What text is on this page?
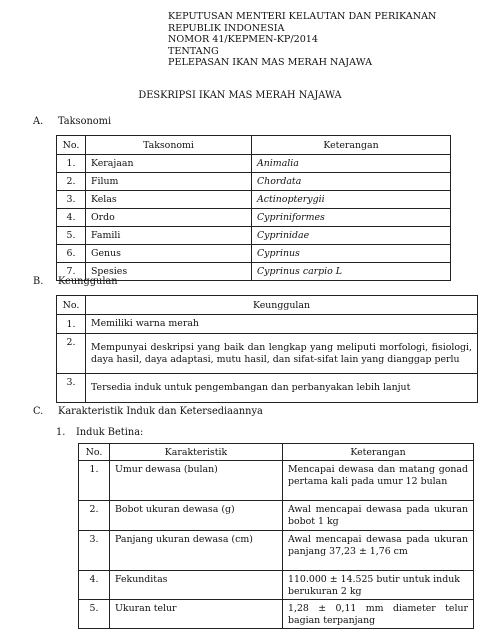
KEPUTUSAN MENTERI KELAUTAN DAN PERIKANAN
REPUBLIK INDONESIA
NOMOR 41/KEPMEN-KP/2014
TENTANG
PELEPASAN IKAN MAS MERAH NAJAWA
DESKRIPSI IKAN MAS MERAH NAJAWA
A. Taksonomi
No.	Taksonomi	Keterangan
1.	Kerajaan	Animalia
2.	Filum	Chordata
3.	Kelas	Actinopterygii
4.	Ordo	Cypriniformes
5.	Famili	Cyprinidae
6.	Genus	Cyprinus
7.	Spesies	Cyprinus carpio L
B. Keunggulan
No.	Keunggulan
1.	Memiliki warna merah
2.	Mempunyai deskripsi yang baik dan lengkap yang meliputi morfologi, fisiologi, daya hasil, daya adaptasi, mutu hasil, dan sifat-sifat lain yang dianggap perlu
3.	Tersedia induk untuk pengembangan dan perbanyakan lebih lanjut
C. Karakteristik Induk dan Ketersediaannya
1. Induk Betina:
No.	Karakteristik	Keterangan
1.	Umur dewasa (bulan)	Mencapai dewasa dan matang gonad pertama kali pada umur 12 bulan
2.	Bobot ukuran dewasa (g)	Awal mencapai dewasa pada ukuran bobot 1 kg
3.	Panjang ukuran dewasa (cm)	Awal mencapai dewasa pada ukuran panjang 37,23 ± 1,76 cm
4.	Fekunditas	110.000 ± 14.525 butir untuk induk berukuran 2 kg
5.	Ukuran telur	1,28 ± 0,11 mm diameter telur bagian terpanjang
